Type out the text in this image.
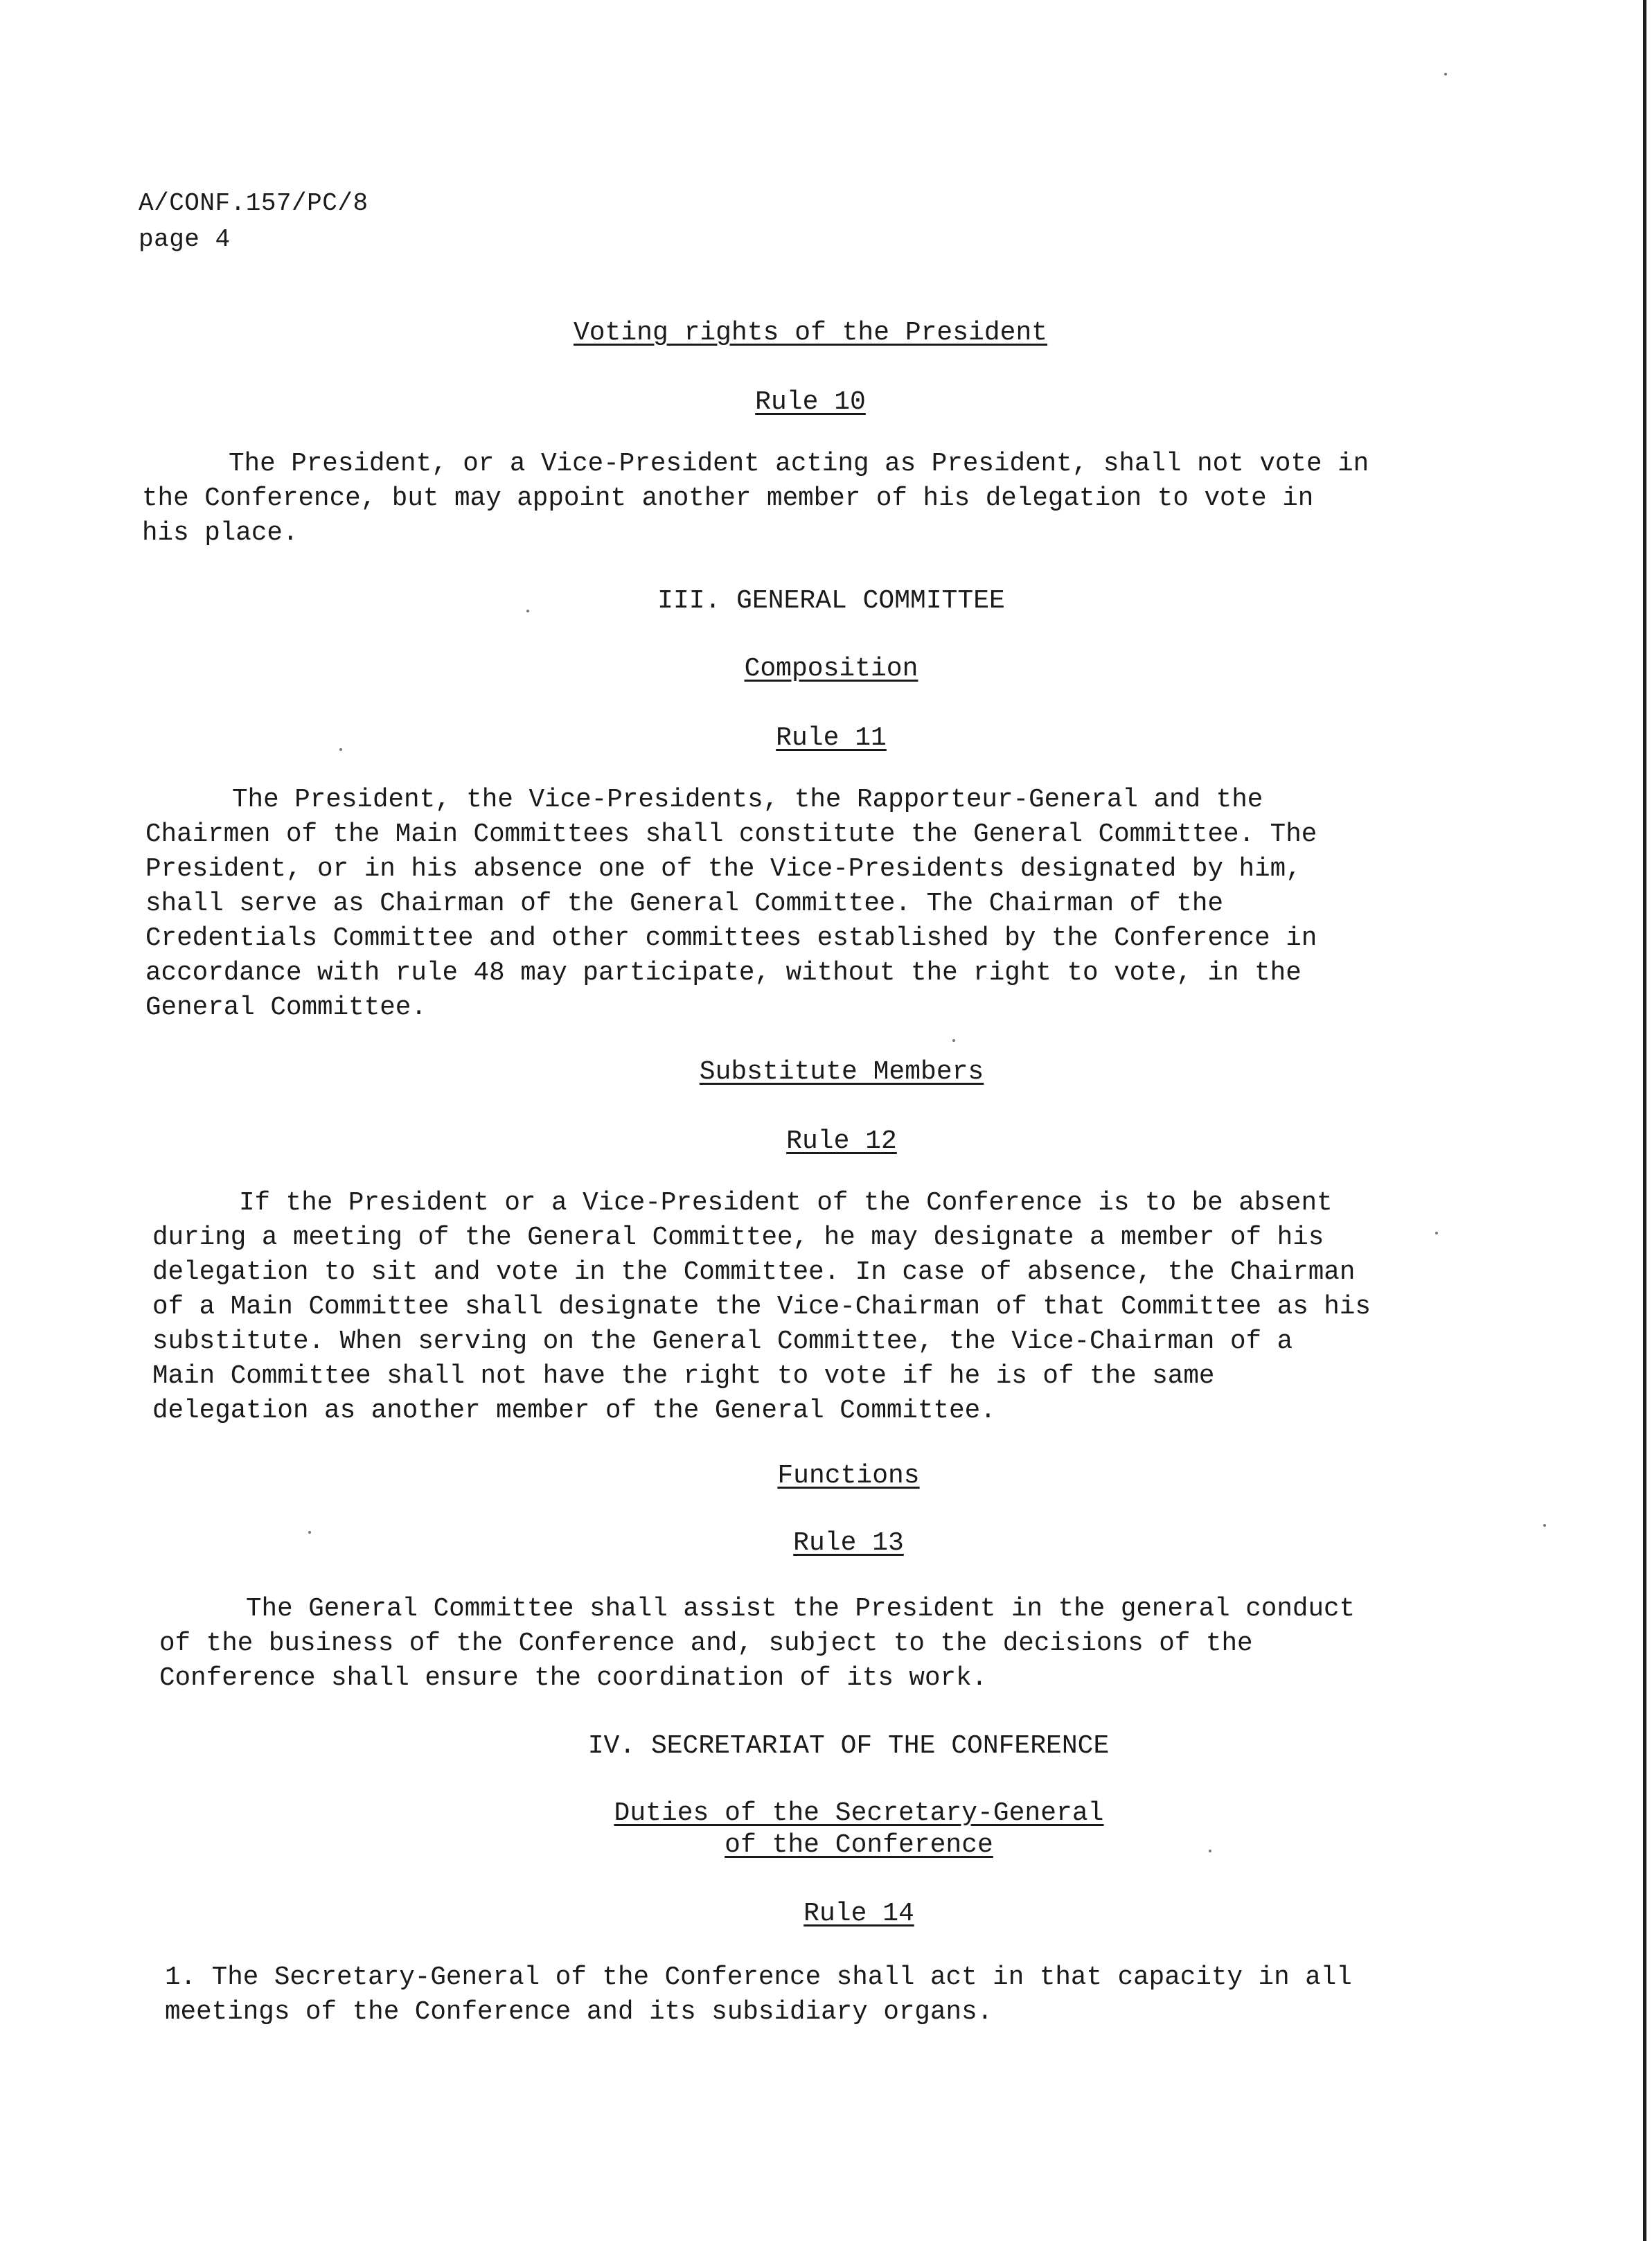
A/CONF.157/PC/8
page 4
Voting rights of the President
Rule 10
The President, or a Vice-President acting as President, shall not vote in
the Conference, but may appoint another member of his delegation to vote in
his place.
III. GENERAL COMMITTEE
Composition
Rule 11
The President, the Vice-Presidents, the Rapporteur-General and the
Chairmen of the Main Committees shall constitute the General Committee. The
President, or in his absence one of the Vice-Presidents designated by him,
shall serve as Chairman of the General Committee. The Chairman of the
Credentials Committee and other committees established by the Conference in
accordance with rule 48 may participate, without the right to vote, in the
General Committee.
Substitute Members
Rule 12
If the President or a Vice-President of the Conference is to be absent
during a meeting of the General Committee, he may designate a member of his
delegation to sit and vote in the Committee. In case of absence, the Chairman
of a Main Committee shall designate the Vice-Chairman of that Committee as his
substitute. When serving on the General Committee, the Vice-Chairman of a
Main Committee shall not have the right to vote if he is of the same
delegation as another member of the General Committee.
Functions
Rule 13
The General Committee shall assist the President in the general conduct
of the business of the Conference and, subject to the decisions of the
Conference shall ensure the coordination of its work.
IV. SECRETARIAT OF THE CONFERENCE
Duties of the Secretary-General
of the Conference
Rule 14
1. The Secretary-General of the Conference shall act in that capacity in all
meetings of the Conference and its subsidiary organs.
